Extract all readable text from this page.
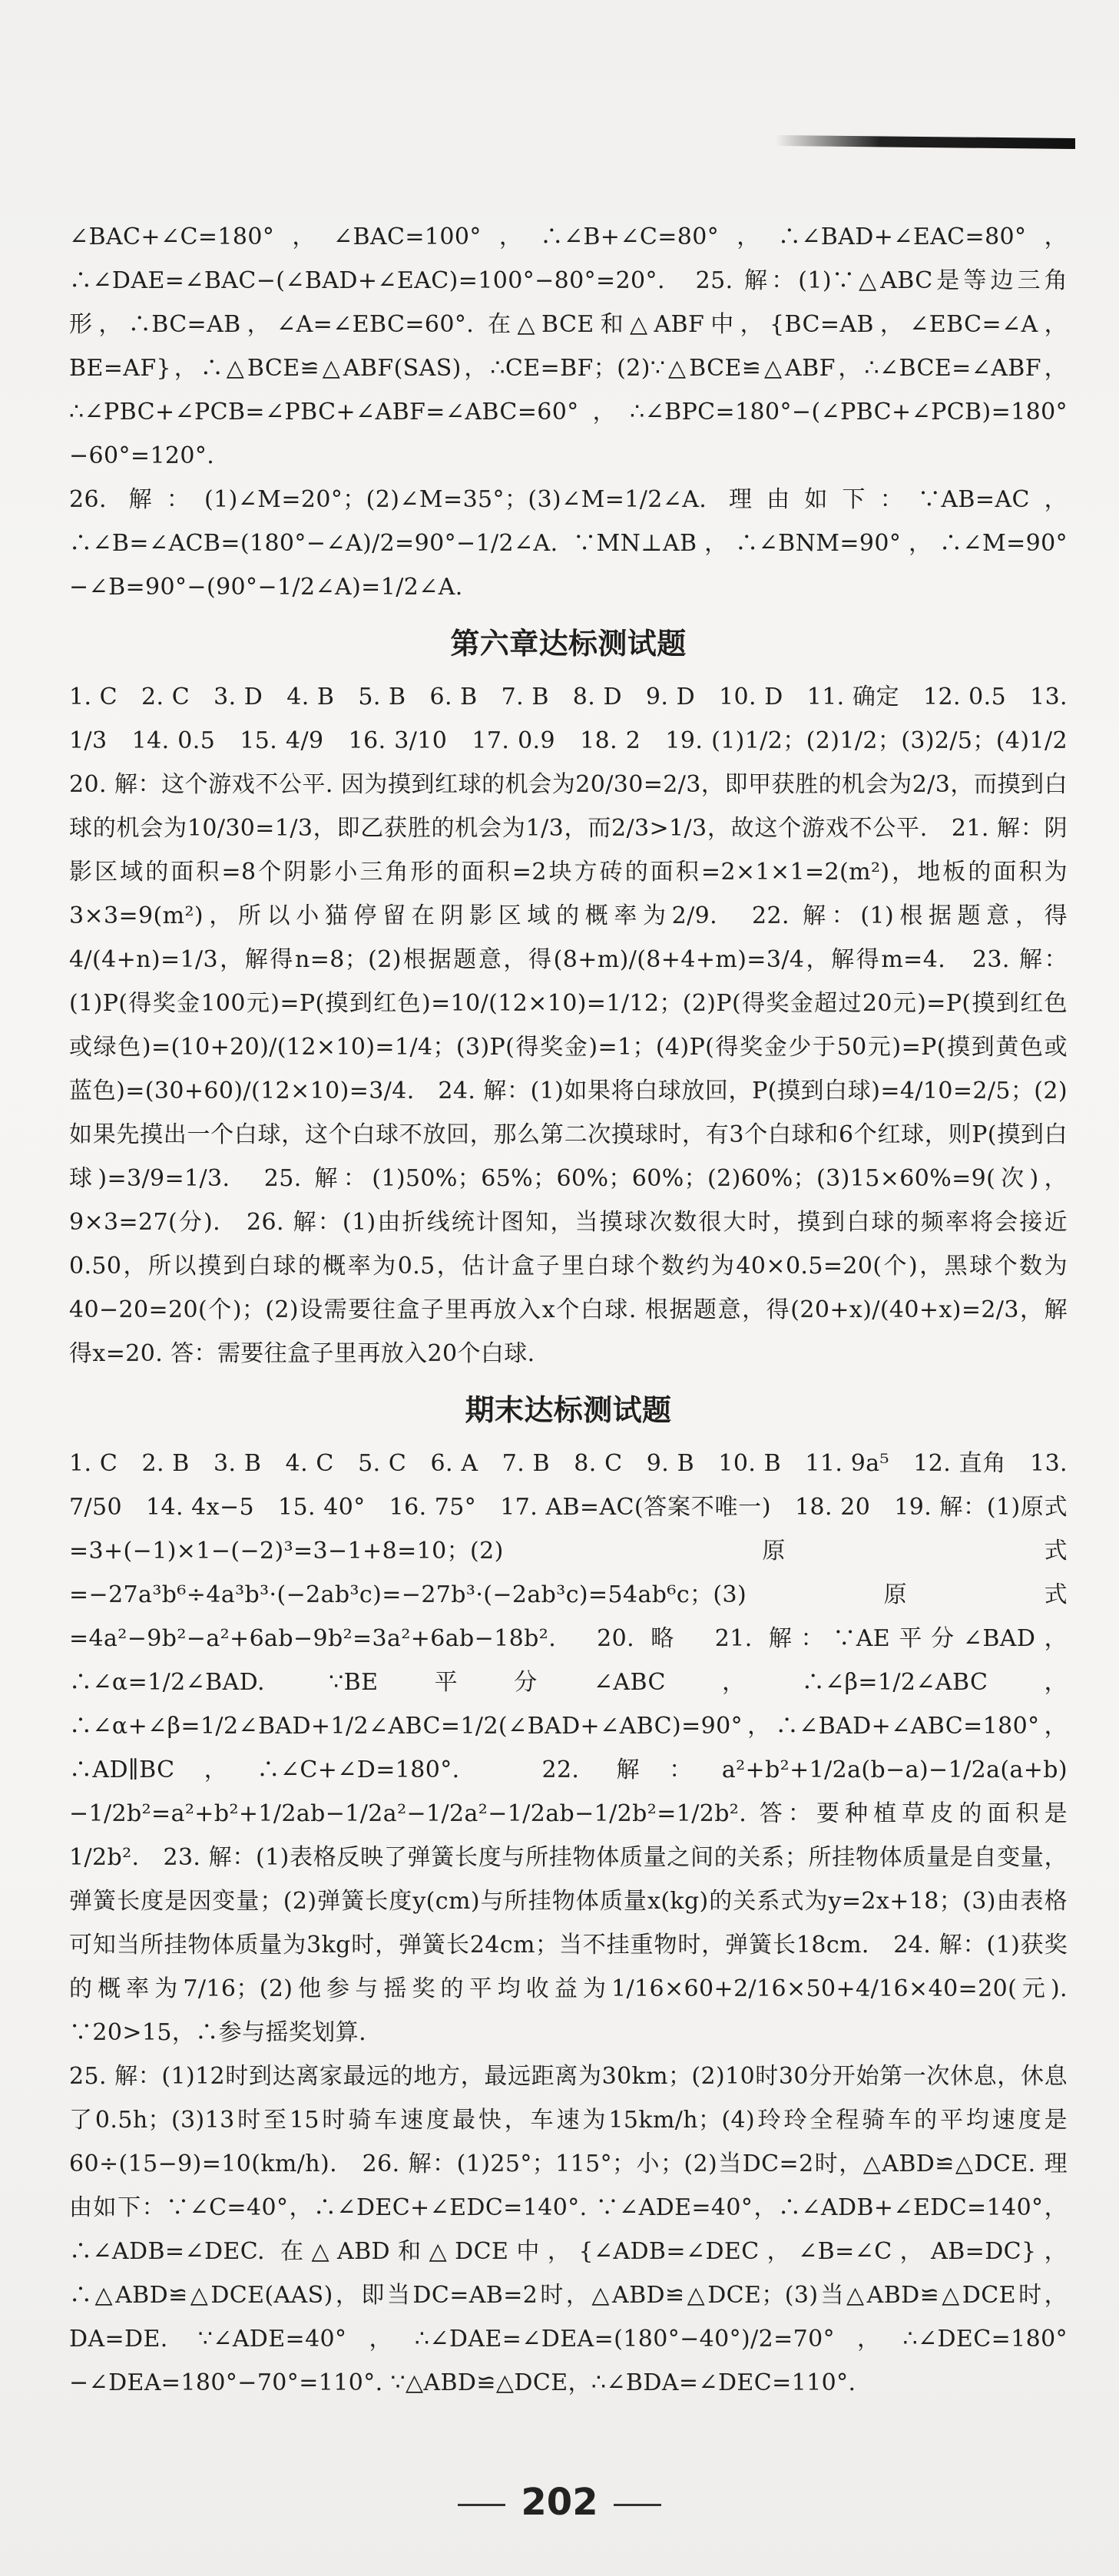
∠BAC+∠C=180°，∠BAC=100°，∴∠B+∠C=80°，∴∠BAD+∠EAC=80°，∴∠DAE=∠BAC−(∠BAD+∠EAC)=100°−80°=20°.　25. 解：(1)∵△ABC是等边三角形，∴BC=AB，∠A=∠EBC=60°. 在△BCE和△ABF中，{BC=AB，∠EBC=∠A，BE=AF}，∴△BCE≌△ABF(SAS)，∴CE=BF；(2)∵△BCE≌△ABF，∴∠BCE=∠ABF，∴∠PBC+∠PCB=∠PBC+∠ABF=∠ABC=60°，∴∠BPC=180°−(∠PBC+∠PCB)=180°−60°=120°.

26. 解：(1)∠M=20°；(2)∠M=35°；(3)∠M=1/2∠A. 理由如下：∵AB=AC，∴∠B=∠ACB=(180°−∠A)/2=90°−1/2∠A. ∵MN⊥AB，∴∠BNM=90°，∴∠M=90°−∠B=90°−(90°−1/2∠A)=1/2∠A.

第六章达标测试题

1. C　2. C　3. D　4. B　5. B　6. B　7. B　8. D　9. D　10. D　11. 确定　12. 0.5　13. 1/3　14. 0.5　15. 4/9　16. 3/10　17. 0.9　18. 2　19. (1)1/2；(2)1/2；(3)2/5；(4)1/2　20. 解：这个游戏不公平. 因为摸到红球的机会为20/30=2/3，即甲获胜的机会为2/3，而摸到白球的机会为10/30=1/3，即乙获胜的机会为1/3，而2/3>1/3，故这个游戏不公平.　21. 解：阴影区域的面积=8个阴影小三角形的面积=2块方砖的面积=2×1×1=2(m²)，地板的面积为3×3=9(m²)，所以小猫停留在阴影区域的概率为2/9.　22. 解：(1)根据题意，得4/(4+n)=1/3，解得n=8；(2)根据题意，得(8+m)/(8+4+m)=3/4，解得m=4.　23. 解：(1)P(得奖金100元)=P(摸到红色)=10/(12×10)=1/12；(2)P(得奖金超过20元)=P(摸到红色或绿色)=(10+20)/(12×10)=1/4；(3)P(得奖金)=1；(4)P(得奖金少于50元)=P(摸到黄色或蓝色)=(30+60)/(12×10)=3/4.　24. 解：(1)如果将白球放回，P(摸到白球)=4/10=2/5；(2)如果先摸出一个白球，这个白球不放回，那么第二次摸球时，有3个白球和6个红球，则P(摸到白球)=3/9=1/3.　25. 解：(1)50%；65%；60%；60%；(2)60%；(3)15×60%=9(次)，9×3=27(分).　26. 解：(1)由折线统计图知，当摸球次数很大时，摸到白球的频率将会接近0.50，所以摸到白球的概率为0.5，估计盒子里白球个数约为40×0.5=20(个)，黑球个数为40−20=20(个)；(2)设需要往盒子里再放入x个白球. 根据题意，得(20+x)/(40+x)=2/3，解得x=20. 答：需要往盒子里再放入20个白球.

期末达标测试题

1. C　2. B　3. B　4. C　5. C　6. A　7. B　8. C　9. B　10. B　11. 9a⁵　12. 直角　13. 7/50　14. 4x−5　15. 40°　16. 75°　17. AB=AC(答案不唯一)　18. 20　19. 解：(1)原式=3+(−1)×1−(−2)³=3−1+8=10；(2)原式=−27a³b⁶÷4a³b³·(−2ab³c)=−27b³·(−2ab³c)=54ab⁶c；(3)原式=4a²−9b²−a²+6ab−9b²=3a²+6ab−18b².　20. 略　21. 解：∵AE平分∠BAD，∴∠α=1/2∠BAD. ∵BE平分∠ABC，∴∠β=1/2∠ABC，∴∠α+∠β=1/2∠BAD+1/2∠ABC=1/2(∠BAD+∠ABC)=90°，∴∠BAD+∠ABC=180°，∴AD∥BC，∴∠C+∠D=180°.　22. 解：a²+b²+1/2a(b−a)−1/2a(a+b)−1/2b²=a²+b²+1/2ab−1/2a²−1/2a²−1/2ab−1/2b²=1/2b². 答：要种植草皮的面积是1/2b².　23. 解：(1)表格反映了弹簧长度与所挂物体质量之间的关系；所挂物体质量是自变量，弹簧长度是因变量；(2)弹簧长度y(cm)与所挂物体质量x(kg)的关系式为y=2x+18；(3)由表格可知当所挂物体质量为3kg时，弹簧长24cm；当不挂重物时，弹簧长18cm.　24. 解：(1)获奖的概率为7/16；(2)他参与摇奖的平均收益为1/16×60+2/16×50+4/16×40=20(元). ∵20>15，∴参与摇奖划算.

25. 解：(1)12时到达离家最远的地方，最远距离为30km；(2)10时30分开始第一次休息，休息了0.5h；(3)13时至15时骑车速度最快，车速为15km/h；(4)玲玲全程骑车的平均速度是60÷(15−9)=10(km/h).　26. 解：(1)25°；115°；小；(2)当DC=2时，△ABD≌△DCE. 理由如下：∵∠C=40°，∴∠DEC+∠EDC=140°. ∵∠ADE=40°，∴∠ADB+∠EDC=140°，∴∠ADB=∠DEC. 在△ABD和△DCE中，{∠ADB=∠DEC，∠B=∠C，AB=DC}，∴△ABD≌△DCE(AAS)，即当DC=AB=2时，△ABD≌△DCE；(3)当△ABD≌△DCE时，DA=DE. ∵∠ADE=40°，∴∠DAE=∠DEA=(180°−40°)/2=70°，∴∠DEC=180°−∠DEA=180°−70°=110°. ∵△ABD≌△DCE，∴∠BDA=∠DEC=110°.

202
